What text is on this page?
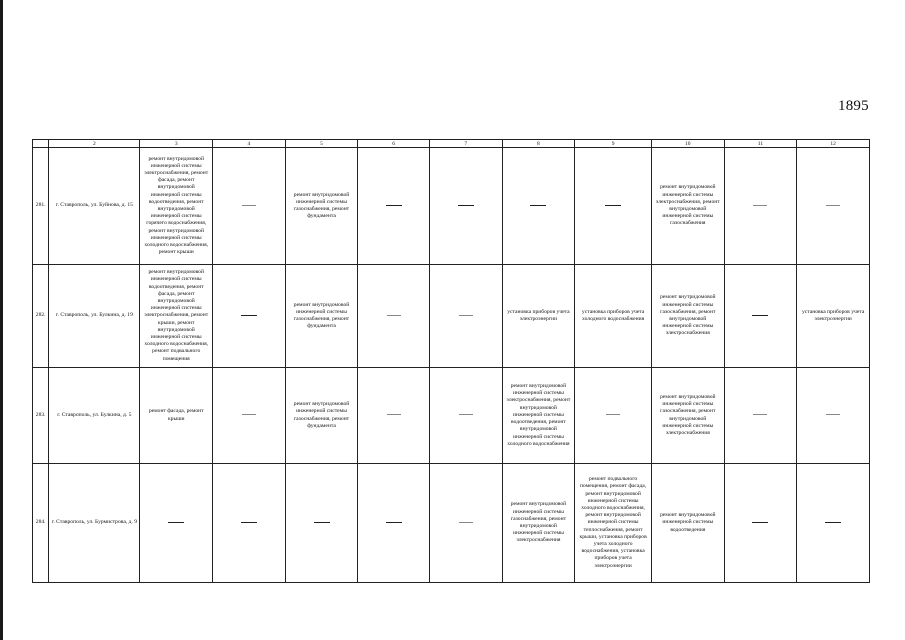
1895
	2	3	4	5	6	7	8	9	10	11	12
281.	г. Ставрополь, ул. Буйнова, д. 15	ремонт внутридомовой инженерной системы электроснабжения, ремонт фасада, ремонт внутридомовой инженерной системы водоотведения, ремонт внутридомовой инженерной системы горячего водоснабжения, ремонт внутридомовой инженерной системы холодного водоснабжения, ремонт крыши		ремонт внутридомовой инженерной системы газоснабжения, ремонт фундамента					ремонт внутридомовой инженерной системы электроснабжения, ремонт внутридомовой инженерной системы газоснабжения		
282.	г. Ставрополь, ул. Булкина, д. 19	ремонт внутридомовой инженерной системы водоотведения, ремонт фасада, ремонт внутридомовой инженерной системы электроснабжения, ремонт крыши, ремонт внутридомовой инженерной системы холодного водоснабжения, ремонт подвального помещения		ремонт внутридомовой инженерной системы газоснабжения, ремонт фундамента			установка приборов учета электроэнергии	установка приборов учета холодного водоснабжения	ремонт внутридомовой инженерной системы газоснабжения, ремонт внутридомовой инженерной системы электроснабжения		установка приборов учета электроэнергии
283.	г. Ставрополь, ул. Булкина, д. 5	ремонт фасада, ремонт крыши		ремонт внутридомовой инженерной системы газоснабжения, ремонт фундамента			ремонт внутридомовой инженерной системы электроснабжения, ремонт внутридомовой инженерной системы водоотведения, ремонт внутридомовой инженерной системы холодного водоснабжения		ремонт внутридомовой инженерной системы газоснабжения, ремонт внутридомовой инженерной системы электроснабжения		
284.	г. Ставрополь, ул. Бурмистрова, д. 9						ремонт внутридомовой инженерной системы газоснабжения, ремонт внутридомовой инженерной системы электроснабжения	ремонт подвального помещения, ремонт фасада, ремонт внутридомовой инженерной системы холодного водоснабжения, ремонт внутридомовой инженерной системы теплоснабжения, ремонт крыши, установка приборов учета холодного водоснабжения, установка приборов учета электроэнергии	ремонт внутридомовой инженерной системы водоотведения		
